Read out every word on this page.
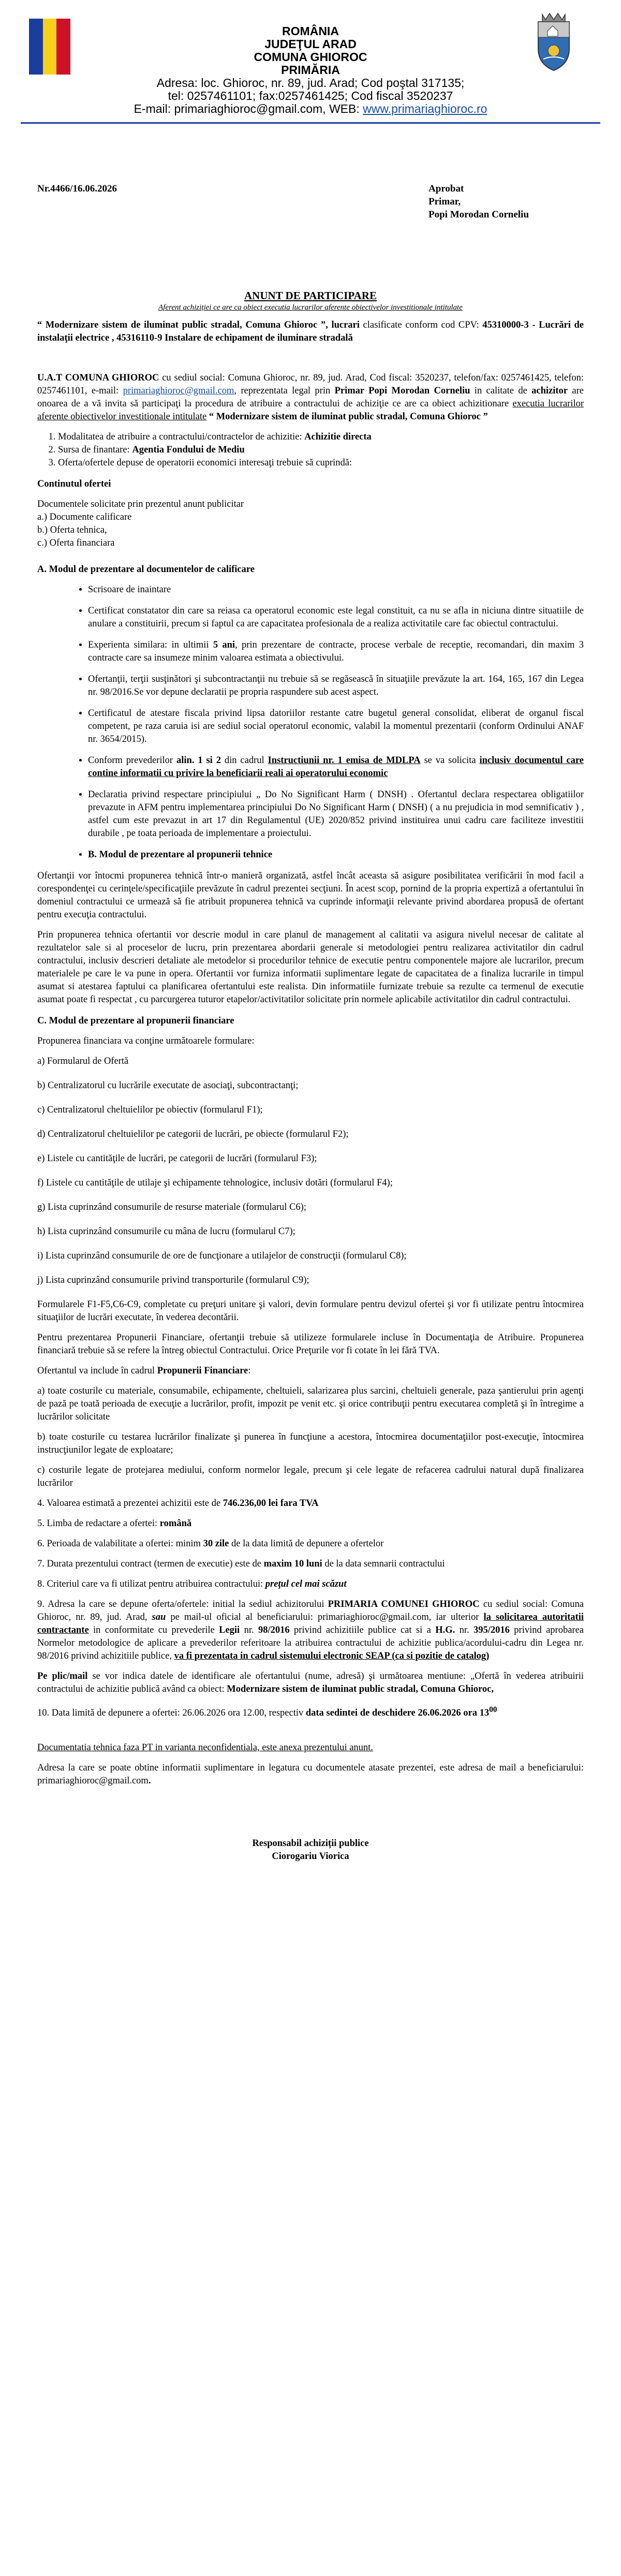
ROMÂNIA
JUDEŢUL ARAD
COMUNA GHIOROC
PRIMĂRIA
Adresa: loc. Ghioroc, nr. 89, jud. Arad; Cod poştal 317135;
tel: 0257461101; fax:0257461425; Cod fiscal 3520237
E-mail: primariaghioroc@gmail.com, WEB: www.primariaghioroc.ro
Nr.4466/16.06.2026	Aprobat
Primar,
Popi Morodan Corneliu
ANUNT DE PARTICIPARE
Aferent achiziției ce are ca obiect executia lucrarilor aferente obiectivelor investitionale intitulate

“ Modernizare sistem de iluminat public stradal, Comuna Ghioroc ”, lucrari clasificate conform cod CPV: 45310000-3 - Lucrări de instalaţii electrice , 45316110-9 Instalare de echipament de iluminare stradală

U.A.T COMUNA GHIOROC cu sediul social: Comuna Ghioroc, nr. 89, jud. Arad, Cod fiscal: 3520237, telefon/fax: 0257461425, telefon: 0257461101, e-mail: primariaghioroc@gmail.com, reprezentata legal prin Primar Popi Morodan Corneliu in calitate de achizitor are onoarea de a vă invita să participaţi la procedura de atribuire a contractului de achiziţie ce are ca obiect achizitionare executia lucrarilor aferente obiectivelor investitionale intitulate “ Modernizare sistem de iluminat public stradal, Comuna Ghioroc ”

1. Modalitatea de atribuire a contractului/contractelor de achizitie: Achizitie directa
2. Sursa de finantare: Agentia Fondului de Mediu
3. Oferta/ofertele depuse de operatorii economici interesaţi trebuie să cuprindă:
Continutul ofertei
Documentele solicitate prin prezentul anunt publicitar
a.) Documente calificare
b.) Oferta tehnica,
c.) Oferta financiara
A. Modul de prezentare al documentelor de calificare
• Scrisoare de inaintare
• Certificat constatator din care sa reiasa ca operatorul economic este legal constituit, ca nu se afla in niciuna dintre situatiile de anulare a constituirii, precum si faptul ca are capacitatea profesionala de a realiza activitatile care fac obiectul contractului.
• Experienta similara: in ultimii 5 ani, prin prezentare de contracte, procese verbale de receptie, recomandari, din maxim 3 contracte care sa insumeze minim valoarea estimata a obiectivului.
• Ofertanţii, terţii susţinători şi subcontractanţii nu trebuie să se regăsească în situaţiile prevăzute la art. 164, 165, 167 din Legea nr. 98/2016.Se vor depune declaratii pe propria raspundere sub acest aspect.
• Certificatul de atestare fiscala privind lipsa datoriilor restante catre bugetul general consolidat, eliberat de organul fiscal competent, pe raza caruia isi are sediul social operatorul economic, valabil la momentul prezentarii (conform Ordinului ANAF nr. 3654/2015).
• Conform prevederilor alin. 1 si 2 din cadrul Instructiunii nr. 1 emisa de MDLPA se va solicita inclusiv documentul care contine informatii cu privire la beneficiarii reali ai operatorului economic
• Declaratia privind respectare principiului „ Do No Significant Harm ( DNSH) . Ofertantul declara respectarea obligatiilor prevazute in AFM pentru implementarea principiului Do No Significant Harm ( DNSH) ( a nu prejudicia in mod semnificativ ) , astfel cum este prevazut in art 17 din Regulamentul (UE) 2020/852 privind instituirea unui cadru care faciliteze investitii durabile , pe toata perioada de implementare a proiectului.
• B. Modul de prezentare al propunerii tehnice

Ofertanţii vor întocmi propunerea tehnică într-o manieră organizată, astfel încât aceasta să asigure posibilitatea verificării în mod facil a corespondenţei cu cerinţele/specificaţiile prevăzute în cadrul prezentei secţiuni. În acest scop, pornind de la propria expertiză a ofertantului în domeniul contractului ce urmează să fie atribuit propunerea tehnică va cuprinde informaţii relevante privind abordarea propusă de ofertant pentru execuţia contractului.

Prin propunerea tehnica ofertantii vor descrie modul in care planul de management al calitatii va asigura nivelul necesar de calitate al rezultatelor sale si al proceselor de lucru, prin prezentarea abordarii generale si metodologiei pentru realizarea activitatilor din cadrul contractului, inclusiv descrieri detaliate ale metodelor si procedurilor tehnice de executie pentru componentele majore ale lucrarilor, precum materialele pe care le va pune in opera. Ofertantii vor furniza informatii suplimentare legate de capacitatea de a finaliza lucrarile in timpul asumat si atestarea faptului ca planificarea ofertantului este realista. Din informatiile furnizate trebuie sa rezulte ca termenul de executie asumat poate fi respectat , cu parcurgerea tuturor etapelor/activitatilor solicitate prin normele aplicabile activitatilor din cadrul contractului.

C. Modul de prezentare al propunerii financiare

Propunerea financiara va conţine următoarele formulare:

a) Formularul de Ofertă

b) Centralizatorul cu lucrările executate de asociaţi, subcontractanţi;

c) Centralizatorul cheltuielilor pe obiectiv (formularul F1);

d) Centralizatorul cheltuielilor pe categorii de lucrări, pe obiecte (formularul F2);

e) Listele cu cantităţile de lucrări, pe categorii de lucrări (formularul F3);

f) Listele cu cantităţile de utilaje şi echipamente tehnologice, inclusiv dotări (formularul F4);

g) Lista cuprinzând consumurile de resurse materiale (formularul C6);

h) Lista cuprinzând consumurile cu mâna de lucru (formularul C7);

i) Lista cuprinzând consumurile de ore de funcţionare a utilajelor de construcţii (formularul C8);

j) Lista cuprinzând consumurile privind transporturile (formularul C9);

Formularele F1-F5,C6-C9, completate cu preţuri unitare şi valori, devin formulare pentru devizul ofertei şi vor fi utilizate pentru întocmirea situaţiilor de lucrări executate, în vederea decontării.

Pentru prezentarea Propunerii Financiare, ofertanţii trebuie să utilizeze formularele incluse în Documentaţia de Atribuire. Propunerea financiară trebuie să se refere la întreg obiectul Contractului. Orice Preţurile vor fi cotate în lei fără TVA.

Ofertantul va include în cadrul Propunerii Financiare:

a) toate costurile cu materiale, consumabile, echipamente, cheltuieli, salarizarea plus sarcini, cheltuieli generale, paza şantierului prin agenţi de pază pe toată perioada de execuţie a lucrărilor, profit, impozit pe venit etc. şi orice contribuţii pentru executarea completă şi în întregime a lucrărilor solicitate

b) toate costurile cu testarea lucrărilor finalizate şi punerea în funcţiune a acestora, întocmirea documentaţiilor post-execuţie, întocmirea instrucţiunilor legate de exploatare;

c) costurile legate de protejarea mediului, conform normelor legale, precum şi cele legate de refacerea cadrului natural după finalizarea lucrărilor

4. Valoarea estimată a prezentei achizitii este de 746.236,00 lei fara TVA

5. Limba de redactare a ofertei: română

6. Perioada de valabilitate a ofertei: minim 30 zile de la data limită de depunere a ofertelor

7. Durata prezentului contract (termen de executie) este de maxim 10 luni de la data semnarii contractului

8. Criteriul care va fi utilizat pentru atribuirea contractului: preţul cel mai scăzut

9. Adresa la care se depune oferta/ofertele: initial la sediul achizitorului PRIMARIA COMUNEI GHIOROC cu sediul social: Comuna Ghioroc, nr. 89, jud. Arad, sau pe mail-ul oficial al beneficiarului: primariaghioroc@gmail.com, iar ulterior la solicitarea autoritatii contractante in conformitate cu prevederile Legii nr. 98/2016 privind achizitiile publice cat si a H.G. nr. 395/2016 privind aprobarea Normelor metodologice de aplicare a prevederilor referitoare la atribuirea contractului de achizitie publica/acordului-cadru din Legea nr. 98/2016 privind achizitiile publice, va fi prezentata in cadrul sistemului electronic SEAP (ca si pozitie de catalog)

Pe plic/mail se vor indica datele de identificare ale ofertantului (nume, adresă) şi următoarea mentiune: „Ofertă în vederea atribuirii contractului de achizitie publică având ca obiect: Modernizare sistem de iluminat public stradal, Comuna Ghioroc,

10. Data limită de depunere a ofertei: 26.06.2026 ora 12.00, respectiv data sedintei de deschidere 26.06.2026 ora $13^{00}$

Documentatia tehnica faza PT in varianta neconfidentiala, este anexa prezentului anunt.

Adresa la care se poate obtine informatii suplimentare in legatura cu documentele atasate prezentei, este adresa de mail a beneficiarului: primariaghioroc@gmail.com.

Responsabil achiziții publice
Ciorogariu Viorica
